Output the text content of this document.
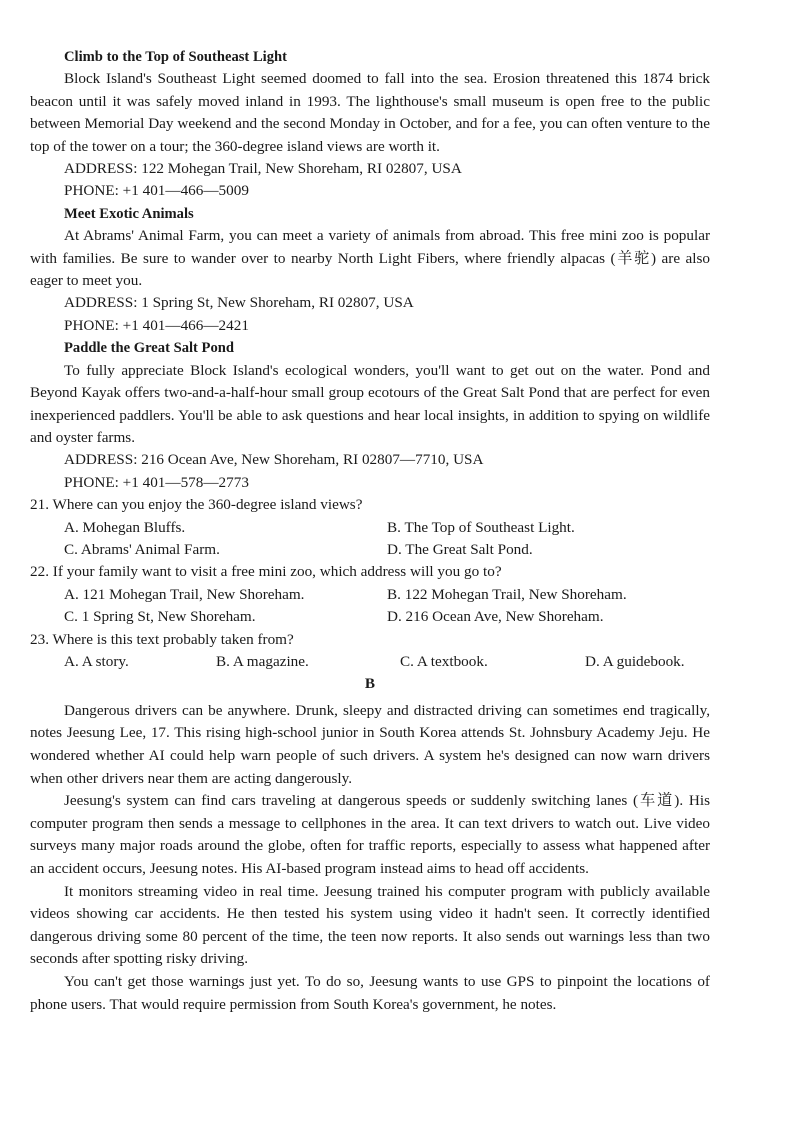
Climb to the Top of Southeast Light

Block Island's Southeast Light seemed doomed to fall into the sea. Erosion threatened this 1874 brick beacon until it was safely moved inland in 1993. The lighthouse's small museum is open free to the public between Memorial Day weekend and the second Monday in October, and for a fee, you can often venture to the top of the tower on a tour; the 360-degree island views are worth it.

ADDRESS: 122 Mohegan Trail, New Shoreham, RI 02807, USA

PHONE: +1 401—466—5009

Meet Exotic Animals

At Abrams' Animal Farm, you can meet a variety of animals from abroad. This free mini zoo is popular with families. Be sure to wander over to nearby North Light Fibers, where friendly alpacas (羊驼) are also eager to meet you.

ADDRESS: 1 Spring St, New Shoreham, RI 02807, USA

PHONE: +1 401—466—2421

Paddle the Great Salt Pond

To fully appreciate Block Island's ecological wonders, you'll want to get out on the water. Pond and Beyond Kayak offers two-and-a-half-hour small group ecotours of the Great Salt Pond that are perfect for even inexperienced paddlers. You'll be able to ask questions and hear local insights, in addition to spying on wildlife and oyster farms.

ADDRESS: 216 Ocean Ave, New Shoreham, RI 02807—7710, USA

PHONE: +1 401—578—2773

21. Where can you enjoy the 360-degree island views?

A. Mohegan Bluffs.	B. The Top of Southeast Light.
C. Abrams' Animal Farm.	D. The Great Salt Pond.

22. If your family want to visit a free mini zoo, which address will you go to?

A. 121 Mohegan Trail, New Shoreham.	B. 122 Mohegan Trail, New Shoreham.
C. 1 Spring St, New Shoreham.	D. 216 Ocean Ave, New Shoreham.

23. Where is this text probably taken from?

A. A story.	B. A magazine.	C. A textbook.	D. A guidebook.

B

Dangerous drivers can be anywhere. Drunk, sleepy and distracted driving can sometimes end tragically, notes Jeesung Lee, 17. This rising high-school junior in South Korea attends St. Johnsbury Academy Jeju. He wondered whether AI could help warn people of such drivers. A system he's designed can now warn drivers when other drivers near them are acting dangerously.

Jeesung's system can find cars traveling at dangerous speeds or suddenly switching lanes (车道). His computer program then sends a message to cellphones in the area. It can text drivers to watch out. Live video surveys many major roads around the globe, often for traffic reports, especially to assess what happened after an accident occurs, Jeesung notes. His AI-based program instead aims to head off accidents.

It monitors streaming video in real time. Jeesung trained his computer program with publicly available videos showing car accidents. He then tested his system using video it hadn't seen. It correctly identified dangerous driving some 80 percent of the time, the teen now reports. It also sends out warnings less than two seconds after spotting risky driving.

You can't get those warnings just yet. To do so, Jeesung wants to use GPS to pinpoint the locations of phone users. That would require permission from South Korea's government, he notes.
